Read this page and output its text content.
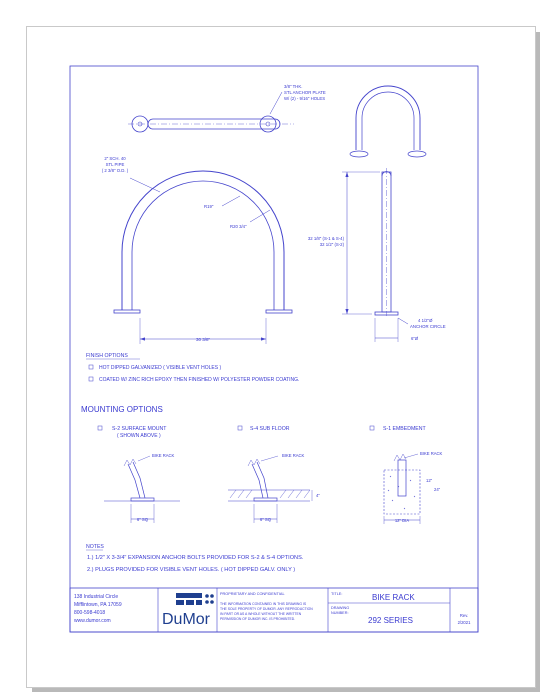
3/8" THK.
STL ANCHOR PLATE
W/ (2) - 9/16" HOLES
2" SCH. 40
STL PIPE
( 2 3/8" O.D. )
R19"
R20 3/4"
30 3/8"
32 1/8" (S-1 & S-4)
32 1/2" (S-2)
4 1/2"Ø
ANCHOR CIRCLE
6"Ø
FINISH OPTIONS
HOT DIPPED GALVANIZED ( VISIBLE VENT HOLES )
COATED W/ ZINC RICH EPOXY THEN FINISHED W/ POLYESTER POWDER COATING.
MOUNTING OPTIONS
S-2 SURFACE MOUNT
( SHOWN ABOVE )
S-4 SUB FLOOR	S-1 EMBEDMENT
BIKE RACK
6" SQ
BIKE RACK
4"
6" SQ
BIKE RACK
12"
24"
12" DIA
NOTES
1.) 1/2" X 3-3/4" EXPANSION ANCHOR BOLTS PROVIDED FOR S-2 & S-4 OPTIONS.
2.) PLUGS PROVIDED FOR VISIBLE VENT HOLES. ( HOT DIPPED GALV. ONLY )
138 Industrial Circle
Mifflintown, PA 17059
800-598-4018
www.dumor.com	DuMor
PROPRIETARY AND CONFIDENTIAL
THE INFORMATION CONTAINED IN THIS DRAWING IS
THE SOLE PROPERTY OF DUMOR. ANY REPRODUCTION
IN PART OR AS A WHOLE WITHOUT THE WRITTEN
PERMISSION OF DUMOR INC. IS PROHIBITED.
TITLE:	BIKE RACK
DRAWING
NUMBER:
292 SERIES
Rev.
2/2021
